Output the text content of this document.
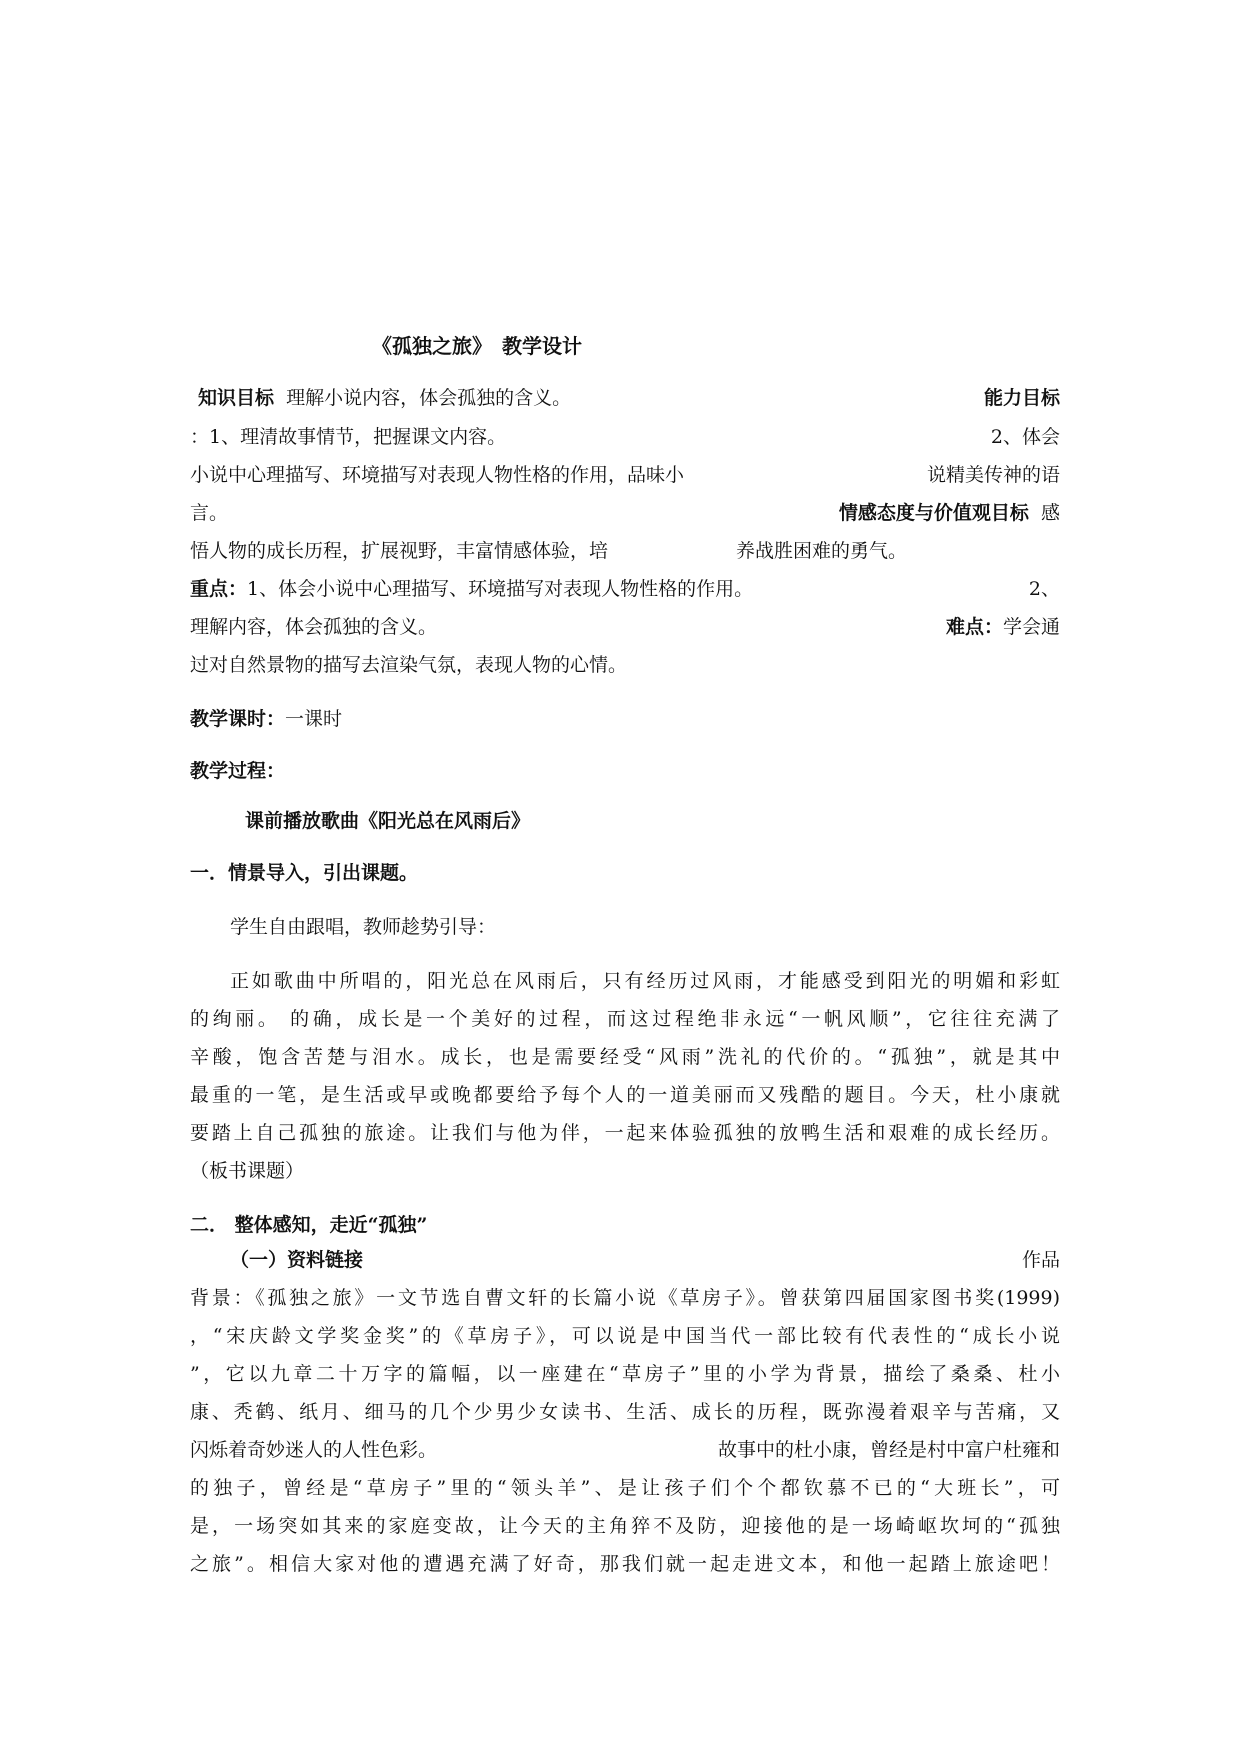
《孤独之旅》　教学设计
知识目标 理解小说内容，体会孤独的含义。	能力目标
：1、理清故事情节，把握课文内容。	2、体会
小说中心理描写、环境描写对表现人物性格的作用，品味小	说精美传神的语
言。	情感态度与价值观目标 感
悟人物的成长历程，扩展视野，丰富情感体验，培	养战胜困难的勇气。
重点：1、体会小说中心理描写、环境描写对表现人物性格的作用。	2、
理解内容，体会孤独的含义。	难点：学会通
过对自然景物的描写去渲染气氛，表现人物的心情。
教学课时：一课时
教学过程：
课前播放歌曲《阳光总在风雨后》
一．情景导入，引出课题。
学生自由跟唱，教师趁势引导：
正如歌曲中所唱的，阳光总在风雨后，只有经历过风雨，才能感受到阳光的明媚和彩虹
的绚丽。 的确，成长是一个美好的过程，而这过程绝非永远“一帆风顺”，它往往充满了
辛酸，饱含苦楚与泪水。成长，也是需要经受“风雨”洗礼的代价的。“孤独”，就是其中
最重的一笔，是生活或早或晚都要给予每个人的一道美丽而又残酷的题目。今天，杜小康就
要踏上自己孤独的旅途。让我们与他为伴，一起来体验孤独的放鸭生活和艰难的成长经历。
（板书课题）
二． 整体感知，走近“孤独”
（一）资料链接	作品
背景：《孤独之旅》一文节选自曹文轩的长篇小说《草房子》。曾获第四届国家图书奖(1999)
，“宋庆龄文学奖金奖”的《草房子》，可以说是中国当代一部比较有代表性的“成长小说
”，它以九章二十万字的篇幅，以一座建在“草房子”里的小学为背景，描绘了桑桑、杜小
康、秃鹤、纸月、细马的几个少男少女读书、生活、成长的历程，既弥漫着艰辛与苦痛，又
闪烁着奇妙迷人的人性色彩。	故事中的杜小康，曾经是村中富户杜雍和
的独子，曾经是“草房子”里的“领头羊”、是让孩子们个个都钦慕不已的“大班长”，可
是，一场突如其来的家庭变故，让今天的主角猝不及防，迎接他的是一场崎岖坎坷的“孤独
之旅”。相信大家对他的遭遇充满了好奇，那我们就一起走进文本，和他一起踏上旅途吧！
